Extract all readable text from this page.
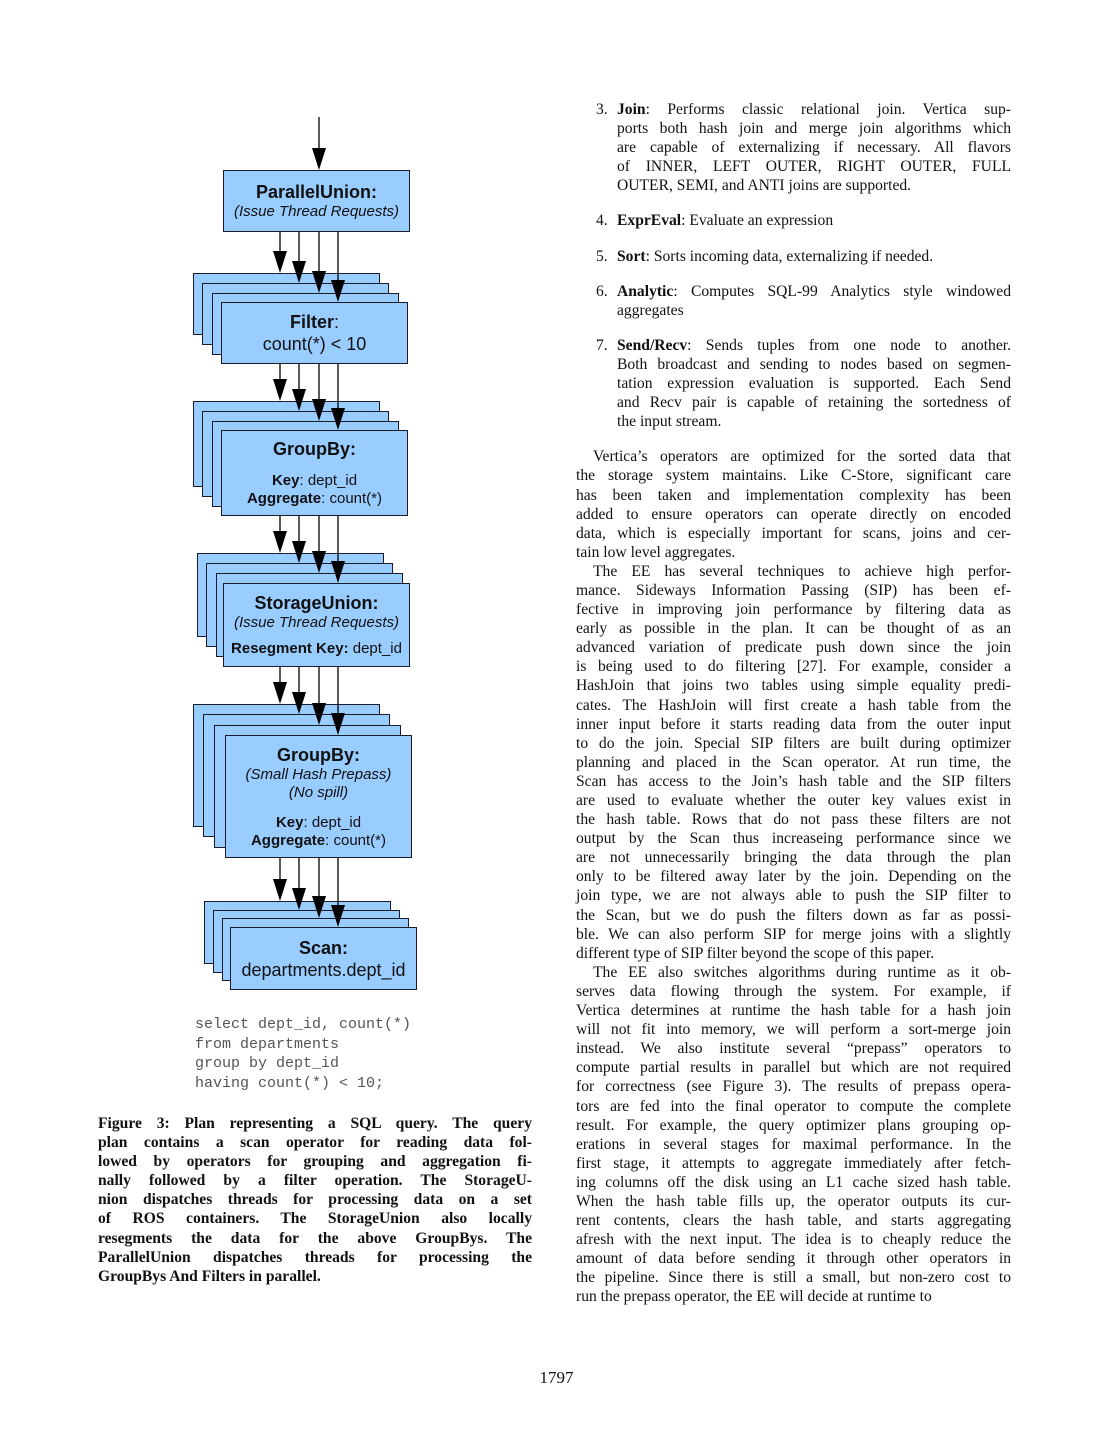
ParallelUnion:
(Issue Thread Requests)
Filter:
count(*) < 10
GroupBy:
Key: dept_id
Aggregate: count(*)
StorageUnion:
(Issue Thread Requests)
Resegment Key: dept_id
GroupBy:
(Small Hash Prepass)
(No spill)
Key: dept_id
Aggregate: count(*)
Scan:
departments.dept_id
select dept_id, count(*)
from departments
group by dept_id
having count(*) < 10;
Figure 3: Plan representing a SQL query. The query
plan contains a scan operator for reading data fol-
lowed by operators for grouping and aggregation fi-
nally followed by a filter operation. The StorageU-
nion dispatches threads for processing data on a set
of ROS containers. The StorageUnion also locally
resegments the data for the above GroupBys. The
ParallelUnion dispatches threads for processing the
GroupBys And Filters in parallel.
3. Join: Performs classic relational join. Vertica sup-
ports both hash join and merge join algorithms which
are capable of externalizing if necessary. All flavors
of INNER, LEFT OUTER, RIGHT OUTER, FULL
OUTER, SEMI, and ANTI joins are supported.
4. ExprEval: Evaluate an expression
5. Sort: Sorts incoming data, externalizing if needed.
6. Analytic: Computes SQL-99 Analytics style windowed
aggregates
7. Send/Recv: Sends tuples from one node to another.
Both broadcast and sending to nodes based on segmen-
tation expression evaluation is supported. Each Send
and Recv pair is capable of retaining the sortedness of
the input stream.
Vertica’s operators are optimized for the sorted data that
the storage system maintains. Like C-Store, significant care
has been taken and implementation complexity has been
added to ensure operators can operate directly on encoded
data, which is especially important for scans, joins and cer-
tain low level aggregates.
The EE has several techniques to achieve high perfor-
mance. Sideways Information Passing (SIP) has been ef-
fective in improving join performance by filtering data as
early as possible in the plan. It can be thought of as an
advanced variation of predicate push down since the join
is being used to do filtering [27]. For example, consider a
HashJoin that joins two tables using simple equality predi-
cates. The HashJoin will first create a hash table from the
inner input before it starts reading data from the outer input
to do the join. Special SIP filters are built during optimizer
planning and placed in the Scan operator. At run time, the
Scan has access to the Join’s hash table and the SIP filters
are used to evaluate whether the outer key values exist in
the hash table. Rows that do not pass these filters are not
output by the Scan thus increaseing performance since we
are not unnecessarily bringing the data through the plan
only to be filtered away later by the join. Depending on the
join type, we are not always able to push the SIP filter to
the Scan, but we do push the filters down as far as possi-
ble. We can also perform SIP for merge joins with a slightly
different type of SIP filter beyond the scope of this paper.
The EE also switches algorithms during runtime as it ob-
serves data flowing through the system. For example, if
Vertica determines at runtime the hash table for a hash join
will not fit into memory, we will perform a sort-merge join
instead. We also institute several “prepass” operators to
compute partial results in parallel but which are not required
for correctness (see Figure 3). The results of prepass opera-
tors are fed into the final operator to compute the complete
result. For example, the query optimizer plans grouping op-
erations in several stages for maximal performance. In the
first stage, it attempts to aggregate immediately after fetch-
ing columns off the disk using an L1 cache sized hash table.
When the hash table fills up, the operator outputs its cur-
rent contents, clears the hash table, and starts aggregating
afresh with the next input. The idea is to cheaply reduce the
amount of data before sending it through other operators in
the pipeline. Since there is still a small, but non-zero cost to
run the prepass operator, the EE will decide at runtime to
1797
